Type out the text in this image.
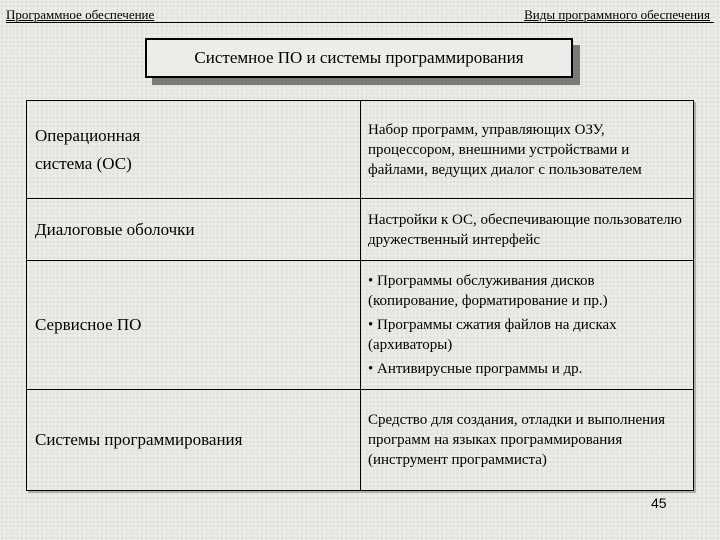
Программное обеспечение	Виды программного обеспечения
Системное ПО и системы программирования
Операционная система (ОС)
Набор программ, управляющих ОЗУ, процессором, внешними устройствами и файлами, ведущих диалог с пользователем
Диалоговые оболочки	Настройки к ОС, обеспечивающие пользователю дружественный интерфейс
Сервисное ПО
• Программы обслуживания дисков (копирование, форматирование и пр.)
• Программы сжатия файлов на дисках (архиваторы)
• Антивирусные программы и др.
Системы программирования
Средство для создания, отладки и выполнения программ на языках программирования (инструмент программиста)
45
